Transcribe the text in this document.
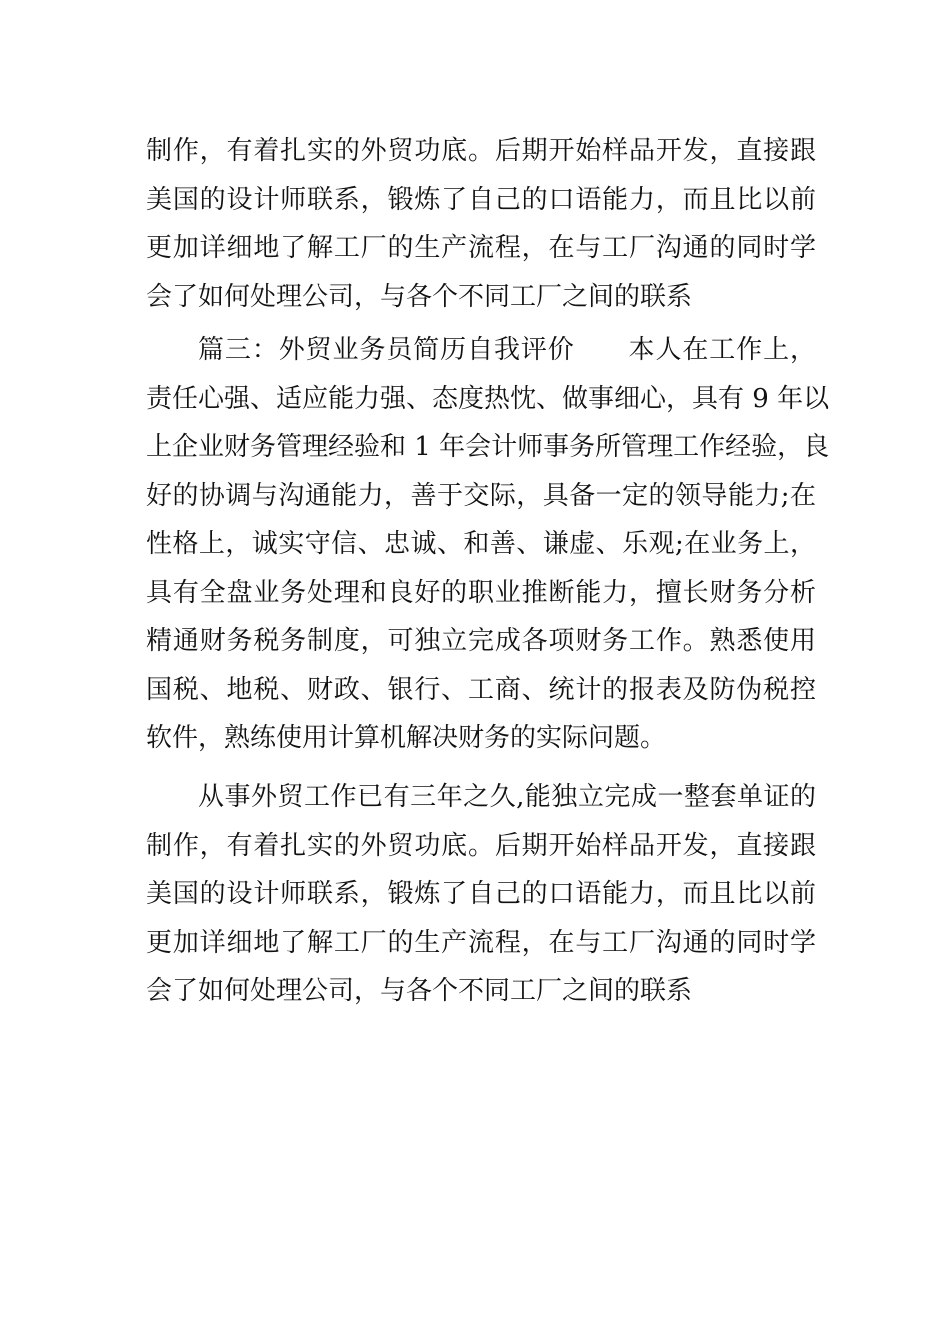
制作，有着扎实的外贸功底。后期开始样品开发，直接跟
美国的设计师联系，锻炼了自己的口语能力，而且比以前
更加详细地了解工厂的生产流程，在与工厂沟通的同时学
会了如何处理公司，与各个不同工厂之间的联系
篇三：外贸业务员简历自我评价　　本人在工作上，
责任心强、适应能力强、态度热忱、做事细心，具有 9 年以
上企业财务管理经验和 1 年会计师事务所管理工作经验，良
好的协调与沟通能力，善于交际，具备一定的领导能力;在
性格上，诚实守信、忠诚、和善、谦虚、乐观;在业务上，
具有全盘业务处理和良好的职业推断能力，擅长财务分析
精通财务税务制度，可独立完成各项财务工作。熟悉使用
国税、地税、财政、银行、工商、统计的报表及防伪税控
软件，熟练使用计算机解决财务的实际问题。
从事外贸工作已有三年之久,能独立完成一整套单证的
制作，有着扎实的外贸功底。后期开始样品开发，直接跟
美国的设计师联系，锻炼了自己的口语能力，而且比以前
更加详细地了解工厂的生产流程，在与工厂沟通的同时学
会了如何处理公司，与各个不同工厂之间的联系
